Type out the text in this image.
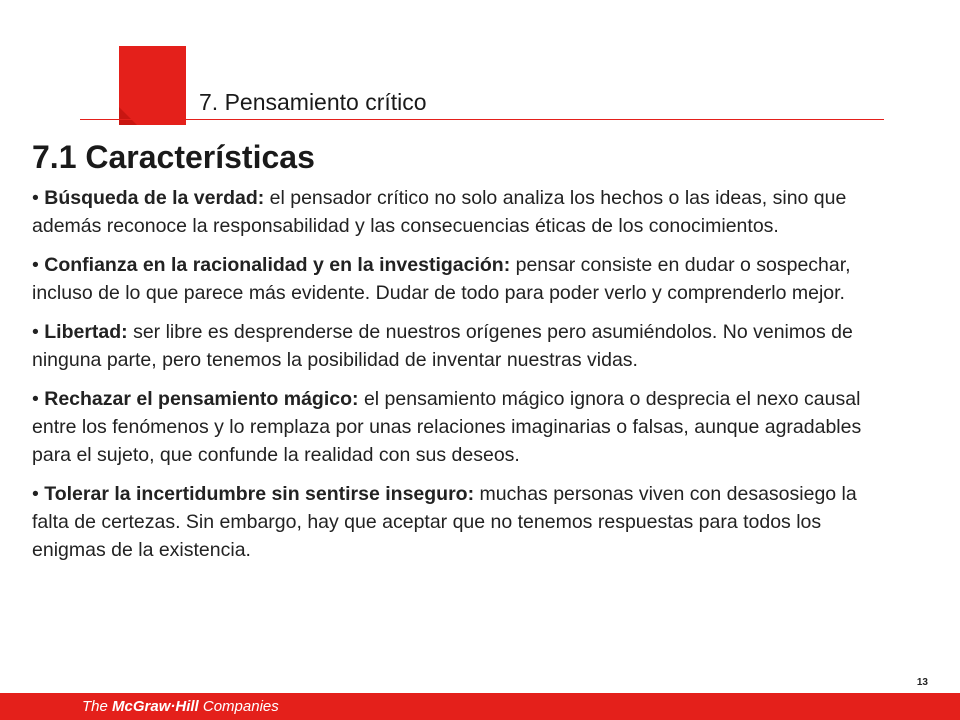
7. Pensamiento crítico
7.1 Características
• Búsqueda de la verdad: el pensador crítico no solo analiza los hechos o las ideas, sino que además reconoce la responsabilidad y las consecuencias éticas de los conocimientos.
• Confianza en la racionalidad y en la investigación: pensar consiste en dudar o sospechar, incluso de lo que parece más evidente. Dudar de todo para poder verlo y comprenderlo mejor.
• Libertad: ser libre es desprenderse de nuestros orígenes pero asumiéndolos. No venimos de ninguna parte, pero tenemos la posibilidad de inventar nuestras vidas.
• Rechazar el pensamiento mágico: el pensamiento mágico ignora o desprecia el nexo causal entre los fenómenos y lo remplaza por unas relaciones imaginarias o falsas, aunque agradables para el sujeto, que confunde la realidad con sus deseos.
• Tolerar la incertidumbre sin sentirse inseguro: muchas personas viven con desasosiego la falta de certezas. Sin embargo, hay que aceptar que no tenemos respuestas para todos los enigmas de la existencia.
13
The McGraw·Hill Companies
